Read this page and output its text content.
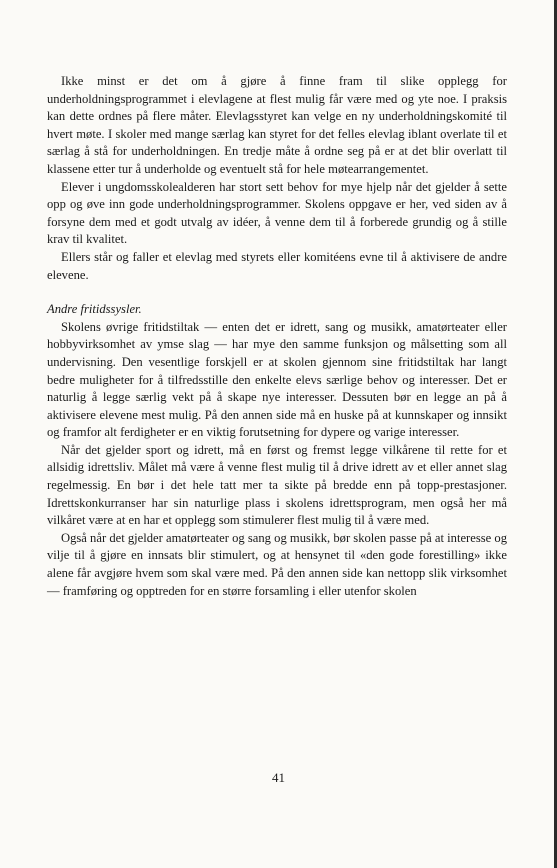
Ikke minst er det om å gjøre å finne fram til slike opplegg for underholdningsprogrammet i elevlagene at flest mulig får være med og yte noe. I praksis kan dette ordnes på flere måter. Elevlagsstyret kan velge en ny underholdningskomité til hvert møte. I skoler med mange særlag kan styret for det felles elevlag iblant overlate til et særlag å stå for underholdningen. En tredje måte å ordne seg på er at det blir overlatt til klassene etter tur å underholde og eventuelt stå for hele møtearrangementet.

Elever i ungdomsskolealderen har stort sett behov for mye hjelp når det gjelder å sette opp og øve inn gode underholdningsprogrammer. Skolens oppgave er her, ved siden av å forsyne dem med et godt utvalg av idéer, å venne dem til å forberede grundig og å stille krav til kvalitet.

Ellers står og faller et elevlag med styrets eller komitéens evne til å aktivisere de andre elevene.

Andre fritidssysler.

Skolens øvrige fritidstiltak — enten det er idrett, sang og musikk, amatørteater eller hobbyvirksomhet av ymse slag — har mye den samme funksjon og målsetting som all undervisning. Den vesentlige forskjell er at skolen gjennom sine fritidstiltak har langt bedre muligheter for å tilfredsstille den enkelte elevs særlige behov og interesser. Det er naturlig å legge særlig vekt på å skape nye interesser. Dessuten bør en legge an på å aktivisere elevene mest mulig. På den annen side må en huske på at kunnskaper og innsikt og framfor alt ferdigheter er en viktig forutsetning for dypere og varige interesser.

Når det gjelder sport og idrett, må en først og fremst legge vilkårene til rette for et allsidig idrettsliv. Målet må være å venne flest mulig til å drive idrett av et eller annet slag regelmessig. En bør i det hele tatt mer ta sikte på bredde enn på topp-prestasjoner. Idrettskonkurranser har sin naturlige plass i skolens idrettsprogram, men også her må vilkåret være at en har et opplegg som stimulerer flest mulig til å være med.

Også når det gjelder amatørteater og sang og musikk, bør skolen passe på at interesse og vilje til å gjøre en innsats blir stimulert, og at hensynet til «den gode forestilling» ikke alene får avgjøre hvem som skal være med. På den annen side kan nettopp slik virksomhet — framføring og opptreden for en større forsamling i eller utenfor skolen

41
